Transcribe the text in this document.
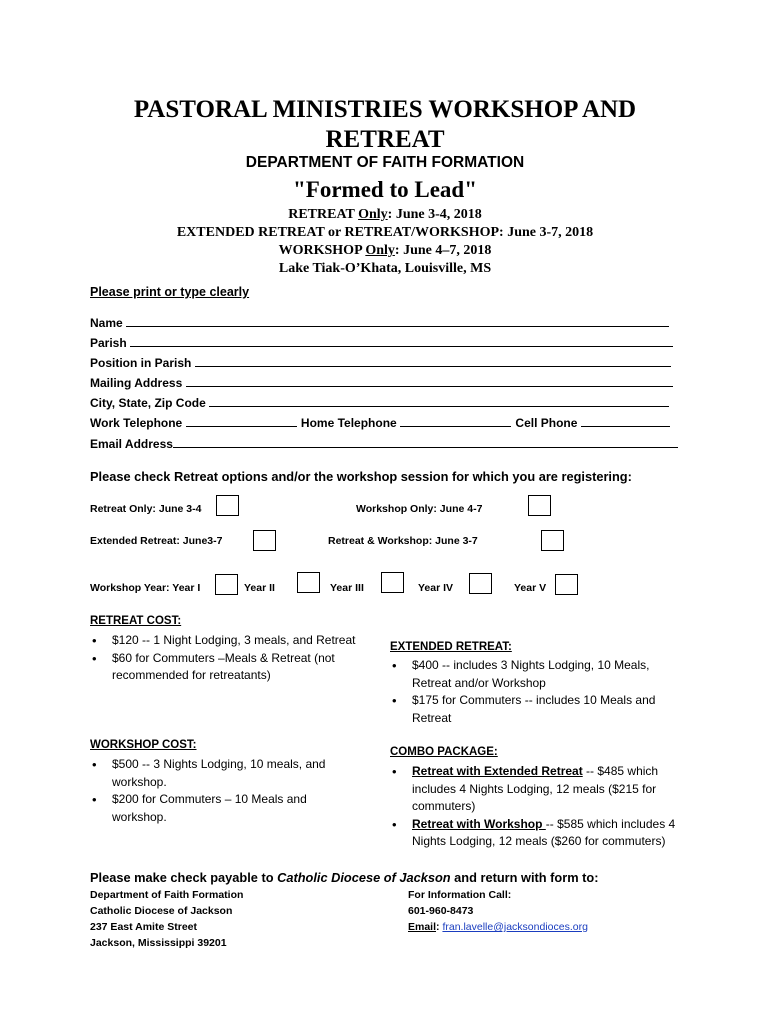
PASTORAL MINISTRIES WORKSHOP AND
RETREAT
DEPARTMENT OF FAITH FORMATION
"Formed to Lead"
RETREAT Only: June 3-4, 2018
EXTENDED RETREAT or RETREAT/WORKSHOP: June 3-7, 2018
WORKSHOP Only: June 4–7, 2018
Lake Tiak-O’Khata, Louisville, MS
Please print or type clearly
Name
Parish
Position in Parish
Mailing Address
City, State, Zip Code
Work Telephone	Home Telephone	Cell Phone
Email Address
Please check Retreat options and/or the workshop session for which you are registering:
Retreat Only: June 3-4	Workshop Only: June 4-7
Extended Retreat: June3-7	Retreat & Workshop: June 3-7
Workshop Year: Year I	Year II	Year III	Year IV	Year V
RETREAT COST:
• $120 -- 1 Night Lodging, 3 meals, and Retreat
• $60 for Commuters –Meals & Retreat (not recommended for retreatants)
WORKSHOP COST:
• $500 -- 3 Nights Lodging, 10 meals, and workshop.
• $200 for Commuters – 10 Meals and workshop.
EXTENDED RETREAT:
• $400 -- includes 3 Nights Lodging, 10 Meals, Retreat and/or Workshop
• $175 for Commuters -- includes 10 Meals and Retreat
COMBO PACKAGE:
• Retreat with Extended Retreat -- $485 which includes 4 Nights Lodging, 12 meals ($215 for commuters)
• Retreat with Workshop -- $585 which includes 4 Nights Lodging, 12 meals ($260 for commuters)
Please make check payable to Catholic Diocese of Jackson and return with form to:
Department of Faith Formation
Catholic Diocese of Jackson
237 East Amite Street
Jackson, Mississippi 39201
For Information Call:
601-960-8473
Email: fran.lavelle@jacksondioces.org
